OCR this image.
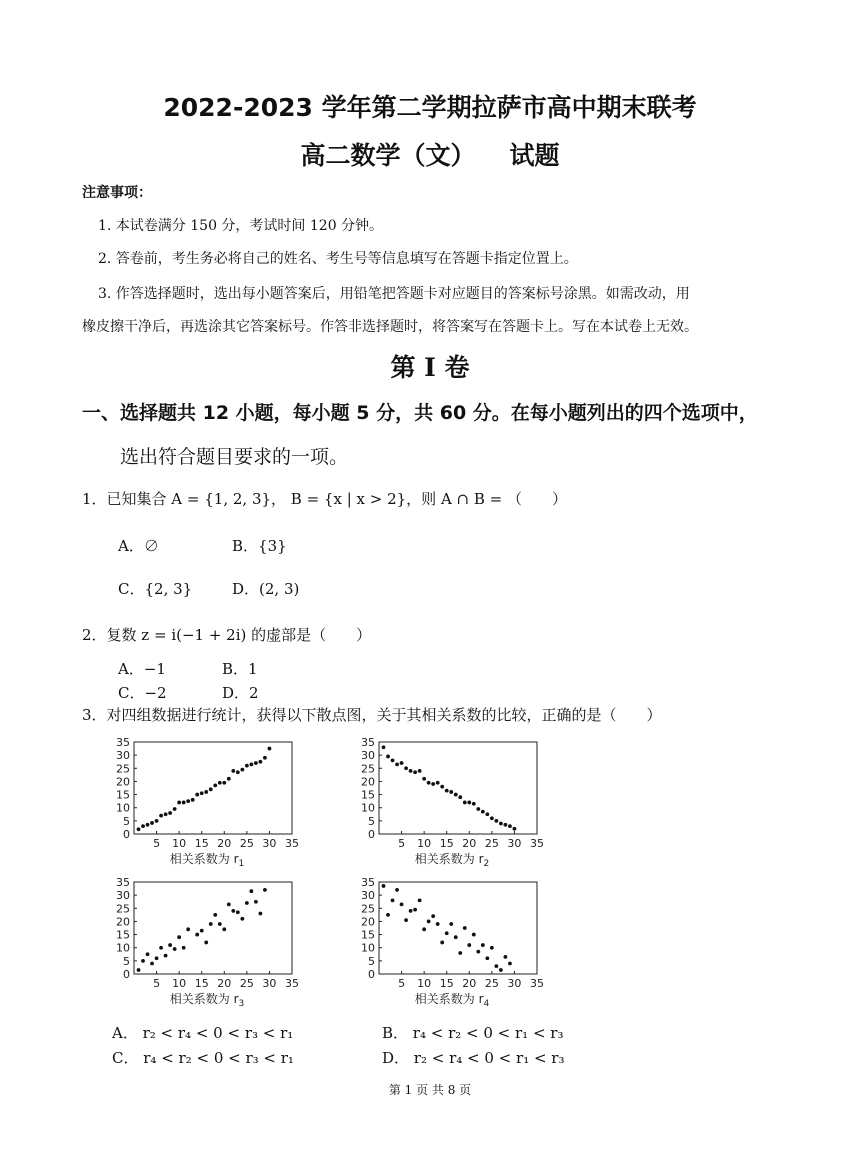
2022-2023 学年第二学期拉萨市高中期末联考
高二数学（文） 试题
注意事项：
1. 本试卷满分 150 分，考试时间 120 分钟。
2. 答卷前，考生务必将自己的姓名、考生号等信息填写在答题卡指定位置上。
3. 作答选择题时，选出每小题答案后，用铅笔把答题卡对应题目的答案标号涂黑。如需改动，用
橡皮擦干净后，再选涂其它答案标号。作答非选择题时，将答案写在答题卡上。写在本试卷上无效。
第 I 卷
一、选择题共 12 小题，每小题 5 分，共 60 分。在每小题列出的四个选项中，
选出符合题目要求的一项。
1．已知集合 A = {1, 2, 3}， B = {x | x > 2}，则 A ∩ B = （　　）
A．∅	B．{3}
C．{2, 3}	D．(2, 3)
2．复数 z = i(−1 + 2i) 的虚部是（　　）
A．−1	B．1
C．−2	D．2
3．对四组数据进行统计，获得以下散点图，关于其相关系数的比较，正确的是（　　）
0
5
10
15
20
25
30
35
5 10 15 20 25 30 35
相关系数为 $r_1$
0
5
10
15
20
25
30
35
5 10 15 20 25 30 35
相关系数为 $r_2$
0
5
10
15
20
25
30
35
5 10 15 20 25 30 35
相关系数为 $r_3$
0
5
10
15
20
25
30
35
5 10 15 20 25 30 35
相关系数为 $r_4$
A． r₂ < r₄ < 0 < r₃ < r₁	B． r₄ < r₂ < 0 < r₁ < r₃
C． r₄ < r₂ < 0 < r₃ < r₁	D． r₂ < r₄ < 0 < r₁ < r₃
第 1 页 共 8 页
